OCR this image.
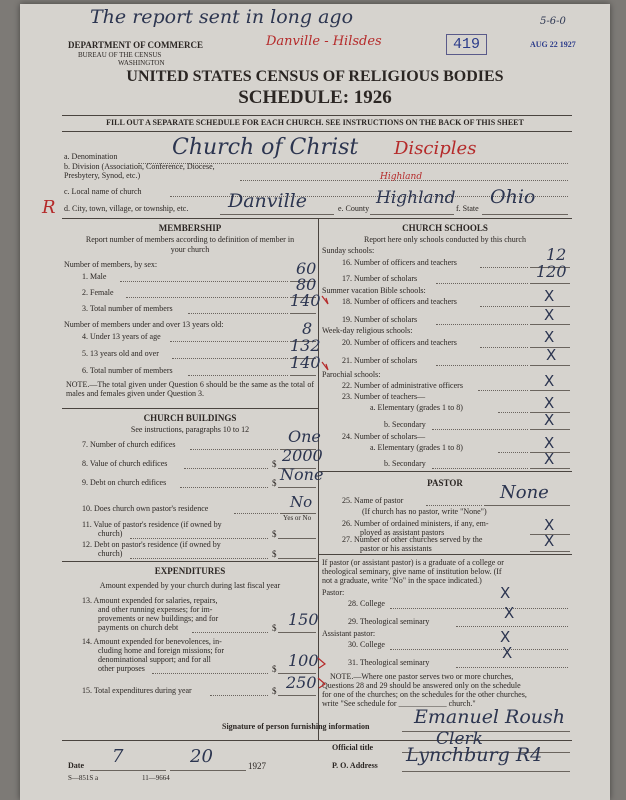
The report sent in long ago
DEPARTMENT OF COMMERCE
BUREAU OF THE CENSUS
WASHINGTON
Danville - Hilsdes	419	AUG 22 1927
5-6-0
UNITED STATES CENSUS OF RELIGIOUS BODIES
SCHEDULE: 1926
FILL OUT A SEPARATE SCHEDULE FOR EACH CHURCH. SEE INSTRUCTIONS ON THE BACK OF THIS SHEET
a. Denomination Church of Christ Disciples
b. Division (Association, Conference, Diocese, Presbytery, Synod, etc.)
c. Local name of church
R d. City, town, village, or township, etc. Danville	e. County
Highland
Highland
f. State
Ohio
MEMBERSHIP
Report number of members according to definition of member in your church
Number of members, by sex:
1. Male	60
2. Female	80
3. Total number of members	140
Number of members under and over 13 years old:
4. Under 13 years of age	8
5. 13 years old and over	132
6. Total number of members	140
NOTE.—The total given under Question 6 should be the same as the total of males and females given under Question 3.
CHURCH BUILDINGS
See instructions, paragraphs 10 to 12
7. Number of church edifices	One
8. Value of church edifices	$ 2000
9. Debt on church edifices	$ None
10. Does church own pastor's residence	No
Yes or No
11. Value of pastor's residence (if owned by
church)	$
12. Debt on pastor's residence (if owned by
church)	$
EXPENDITURES
Amount expended by your church during last fiscal year
13. Amount expended for salaries, repairs,
and other running expenses; for im-
provements or new buildings; and for
payments on church debt	$ 150
14. Amount expended for benevolences, in-
cluding home and foreign missions; for
denominational support; and for all
other purposes	$ 100
15. Total expenditures during year	$ 250
CHURCH SCHOOLS
Report here only schools conducted by this church
Sunday schools:
16. Number of officers and teachers	12
17. Number of scholars	120
Summer vacation Bible schools:
18. Number of officers and teachers	X
19. Number of scholars	X
Week-day religious schools:
20. Number of officers and teachers	X
21. Number of scholars	X
Parochial schools:
22. Number of administrative officers	X
23. Number of teachers—
a. Elementary (grades 1 to 8)	X
b. Secondary	X
24. Number of scholars—
a. Elementary (grades 1 to 8)	X
b. Secondary	X
PASTOR
25. Name of pastor	None
(If church has no pastor, write "None")
26. Number of ordained ministers, if any, em-
ployed as assistant pastors	X
27. Number of other churches served by the
pastor or his assistants	X
If pastor (or assistant pastor) is a graduate of a college or
theological seminary, give name of institution below. (If
not a graduate, write "No" in the space indicated.)
Pastor:
28. College
X
29. Theological seminary	X
Assistant pastor:
30. College	X
31. Theological seminary
X
NOTE.—Where one pastor serves two or more churches,
Questions 28 and 29 should be answered only on the schedule
for one of the churches; on the schedules for the other churches,
write "See schedule for ____________ church."
Signature of person furnishing information Emanuel Roush
Official title	Clerk
Date 7	20	1927	P. O. Address Lynchburg R4
S—851S a	11—9664
